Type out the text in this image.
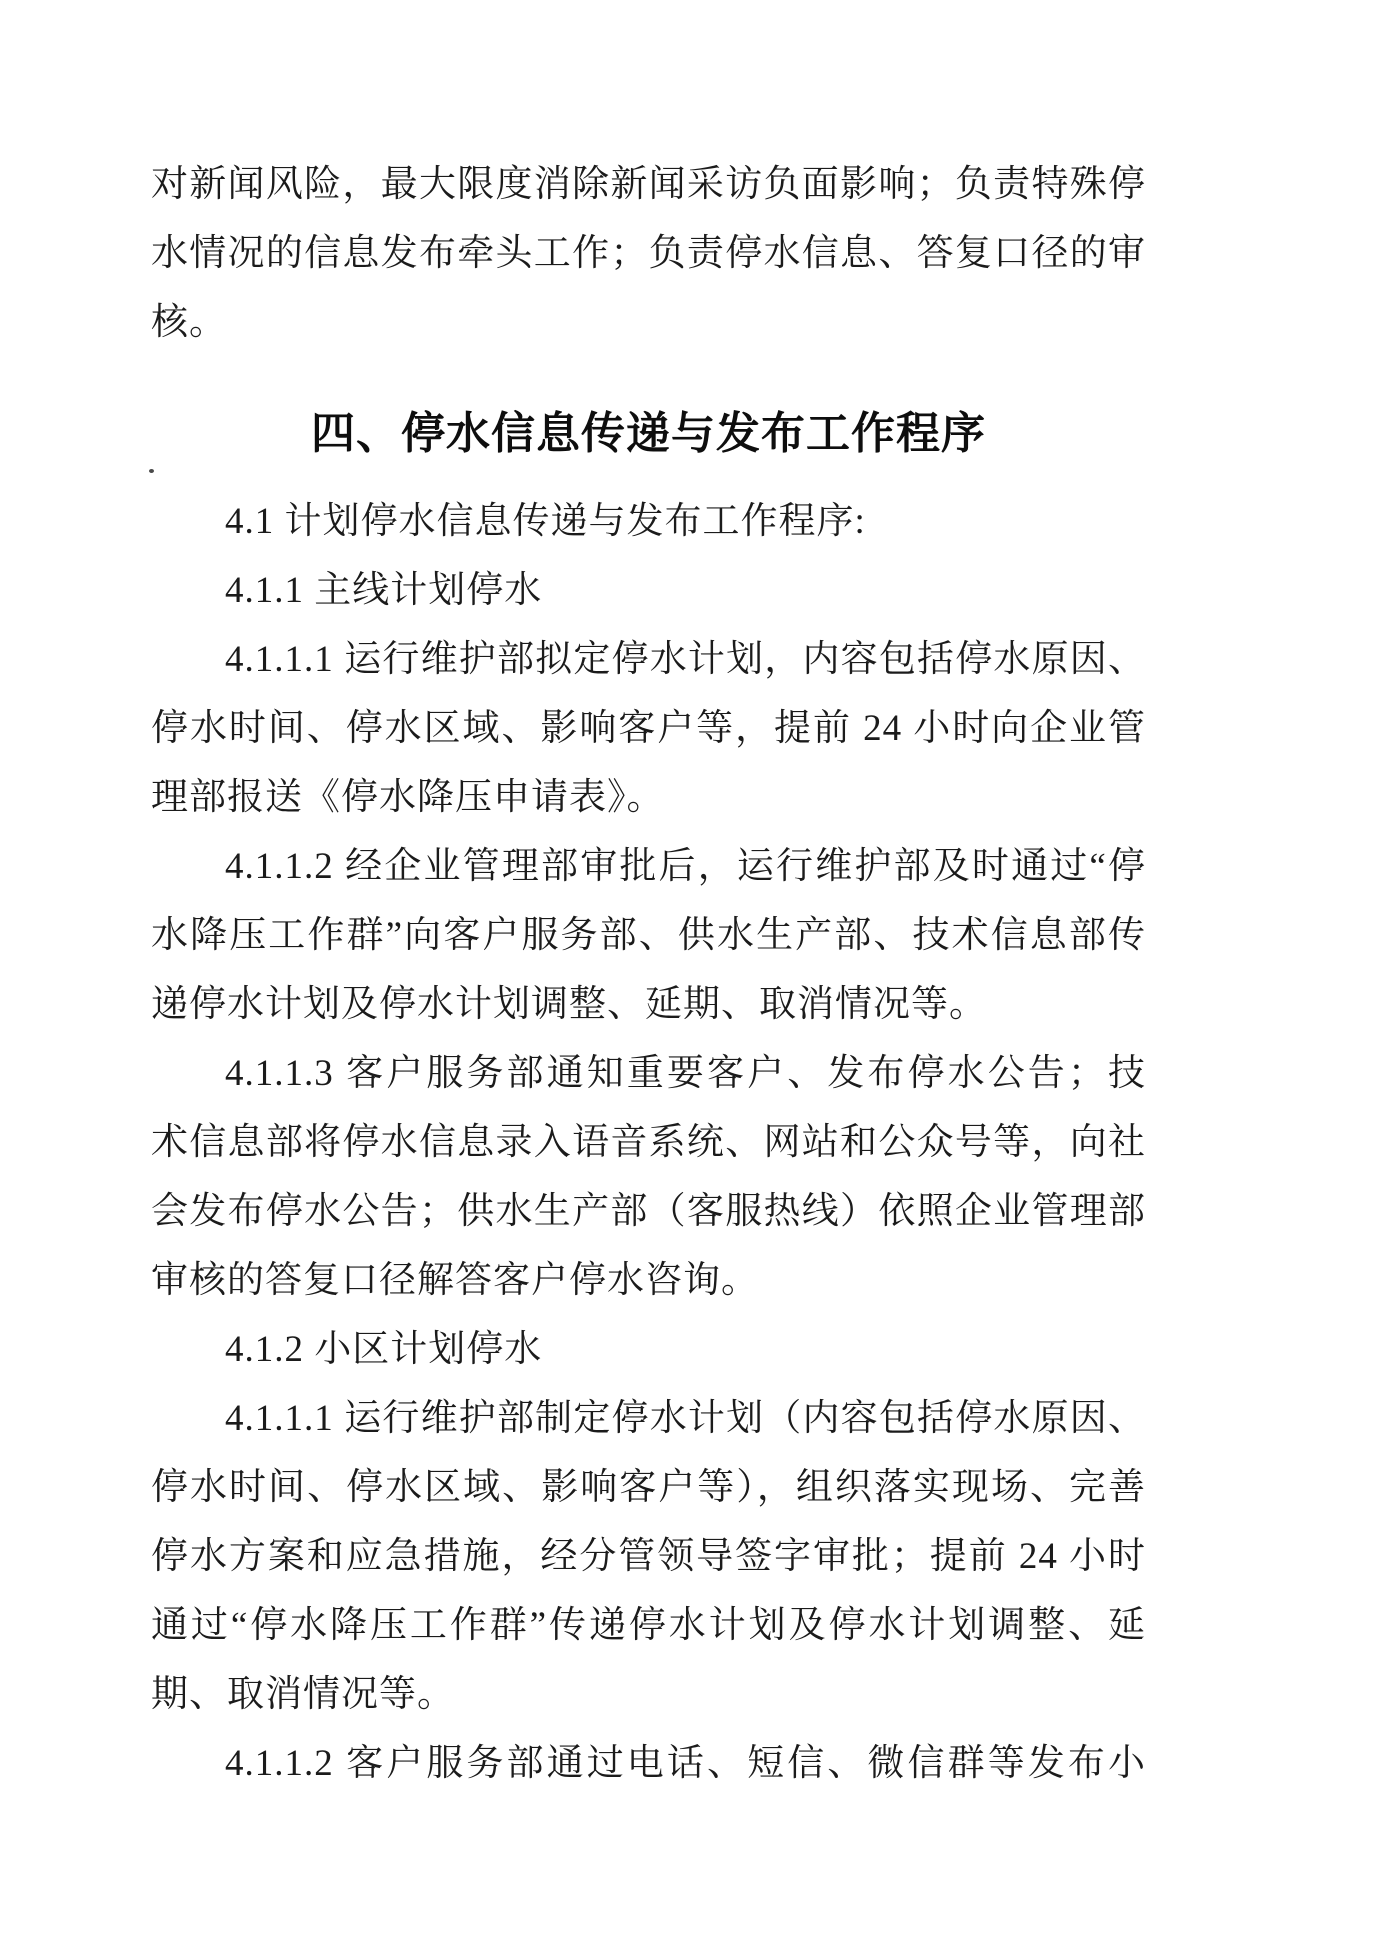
对新闻风险，最大限度消除新闻采访负面影响；负责特殊停
水情况的信息发布牵头工作；负责停水信息、答复口径的审
核。
四、停水信息传递与发布工作程序
4.1 计划停水信息传递与发布工作程序:
4.1.1 主线计划停水
4.1.1.1 运行维护部拟定停水计划，内容包括停水原因、
停水时间、停水区域、影响客户等，提前 24 小时向企业管
理部报送《停水降压申请表》。
4.1.1.2 经企业管理部审批后，运行维护部及时通过“停
水降压工作群”向客户服务部、供水生产部、技术信息部传
递停水计划及停水计划调整、延期、取消情况等。
4.1.1.3 客户服务部通知重要客户、发布停水公告；技
术信息部将停水信息录入语音系统、网站和公众号等，向社
会发布停水公告；供水生产部（客服热线）依照企业管理部
审核的答复口径解答客户停水咨询。
4.1.2 小区计划停水
4.1.1.1 运行维护部制定停水计划（内容包括停水原因、
停水时间、停水区域、影响客户等），组织落实现场、完善
停水方案和应急措施，经分管领导签字审批；提前 24 小时
通过“停水降压工作群”传递停水计划及停水计划调整、延
期、取消情况等。
4.1.1.2 客户服务部通过电话、短信、微信群等发布小
